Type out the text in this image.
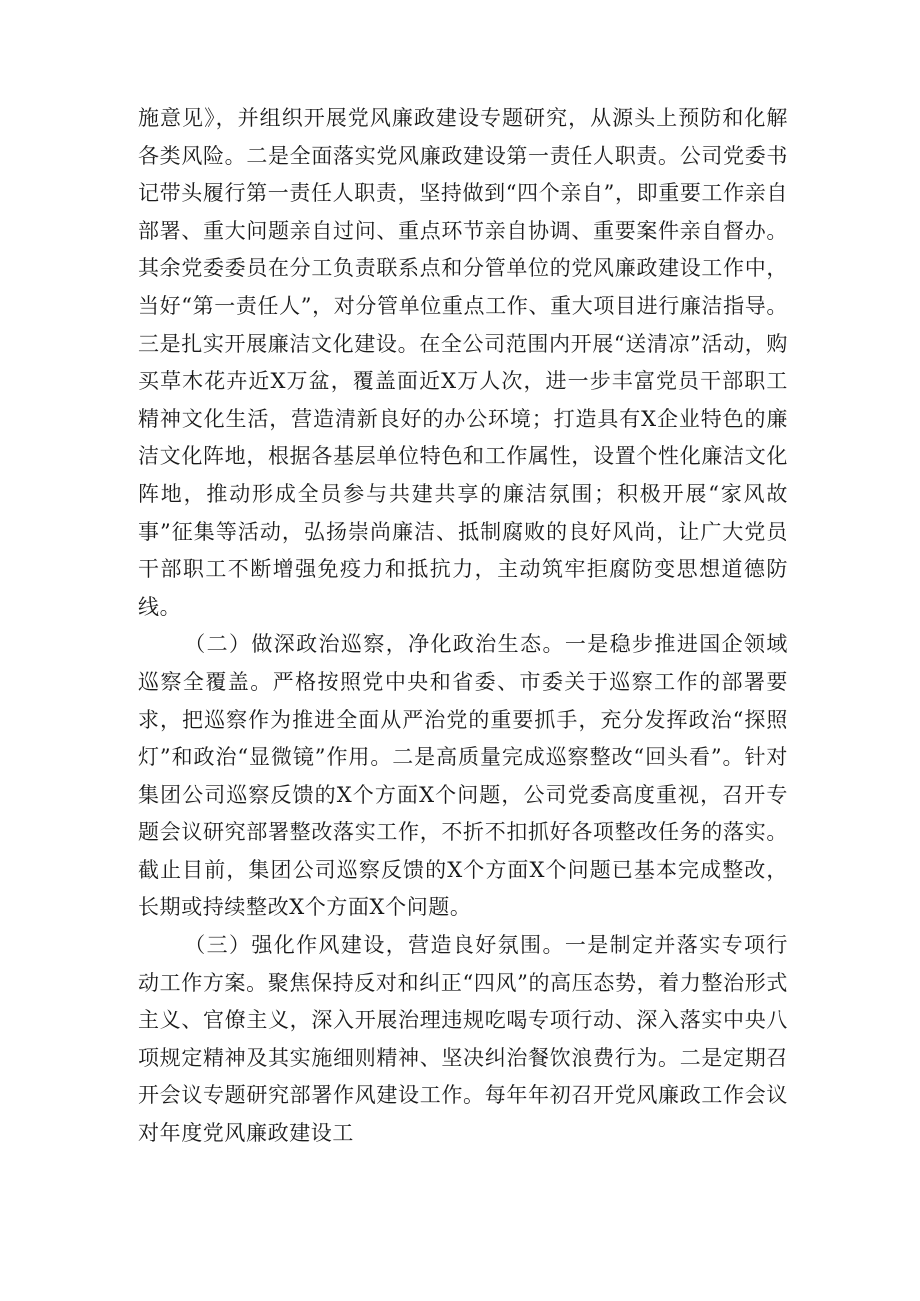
施意见》，并组织开展党风廉政建设专题研究，从源头上预防和化解各类风险。二是全面落实党风廉政建设第一责任人职责。公司党委书记带头履行第一责任人职责，坚持做到“四个亲自”，即重要工作亲自部署、重大问题亲自过问、重点环节亲自协调、重要案件亲自督办。其余党委委员在分工负责联系点和分管单位的党风廉政建设工作中，当好“第一责任人”，对分管单位重点工作、重大项目进行廉洁指导。三是扎实开展廉洁文化建设。在全公司范围内开展“送清凉”活动，购买草木花卉近X万盆，覆盖面近X万人次，进一步丰富党员干部职工精神文化生活，营造清新良好的办公环境；打造具有X企业特色的廉洁文化阵地，根据各基层单位特色和工作属性，设置个性化廉洁文化阵地，推动形成全员参与共建共享的廉洁氛围；积极开展“家风故事”征集等活动，弘扬崇尚廉洁、抵制腐败的良好风尚，让广大党员干部职工不断增强免疫力和抵抗力，主动筑牢拒腐防变思想道德防线。

（二）做深政治巡察，净化政治生态。一是稳步推进国企领域巡察全覆盖。严格按照党中央和省委、市委关于巡察工作的部署要求，把巡察作为推进全面从严治党的重要抓手，充分发挥政治“探照灯”和政治“显微镜”作用。二是高质量完成巡察整改“回头看”。针对集团公司巡察反馈的X个方面X个问题，公司党委高度重视，召开专题会议研究部署整改落实工作，不折不扣抓好各项整改任务的落实。截止目前，集团公司巡察反馈的X个方面X个问题已基本完成整改，长期或持续整改X个方面X个问题。

（三）强化作风建设，营造良好氛围。一是制定并落实专项行动工作方案。聚焦保持反对和纠正“四风”的高压态势，着力整治形式主义、官僚主义，深入开展治理违规吃喝专项行动、深入落实中央八项规定精神及其实施细则精神、坚决纠治餐饮浪费行为。二是定期召开会议专题研究部署作风建设工作。每年年初召开党风廉政工作会议对年度党风廉政建设工
